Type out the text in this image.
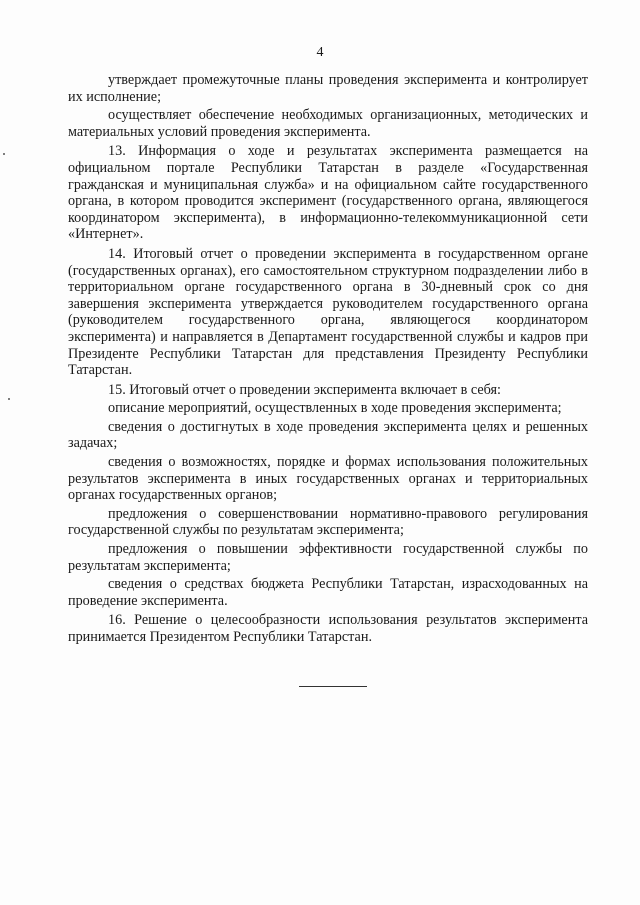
4

утверждает промежуточные планы проведения эксперимента и контролирует их исполнение;

осуществляет обеспечение необходимых организационных, методических и материальных условий проведения эксперимента.

13. Информация о ходе и результатах эксперимента размещается на официальном портале Республики Татарстан в разделе «Государственная гражданская и муниципальная служба» и на официальном сайте государственного органа, в котором проводится эксперимент (государственного органа, являющегося координатором эксперимента), в информационно-телекоммуникационной сети «Интернет».

14. Итоговый отчет о проведении эксперимента в государственном органе (государственных органах), его самостоятельном структурном подразделении либо в территориальном органе государственного органа в 30-дневный срок со дня завершения эксперимента утверждается руководителем государственного органа (руководителем государственного органа, являющегося координатором эксперимента) и направляется в Департамент государственной службы и кадров при Президенте Республики Татарстан для представления Президенту Республики Татарстан.

15. Итоговый отчет о проведении эксперимента включает в себя:

описание мероприятий, осуществленных в ходе проведения эксперимента;

сведения о достигнутых в ходе проведения эксперимента целях и решенных задачах;

сведения о возможностях, порядке и формах использования положительных результатов эксперимента в иных государственных органах и территориальных органах государственных органов;

предложения о совершенствовании нормативно-правового регулирования государственной службы по результатам эксперимента;

предложения о повышении эффективности государственной службы по результатам эксперимента;

сведения о средствах бюджета Республики Татарстан, израсходованных на проведение эксперимента.

16. Решение о целесообразности использования результатов эксперимента принимается Президентом Республики Татарстан.
